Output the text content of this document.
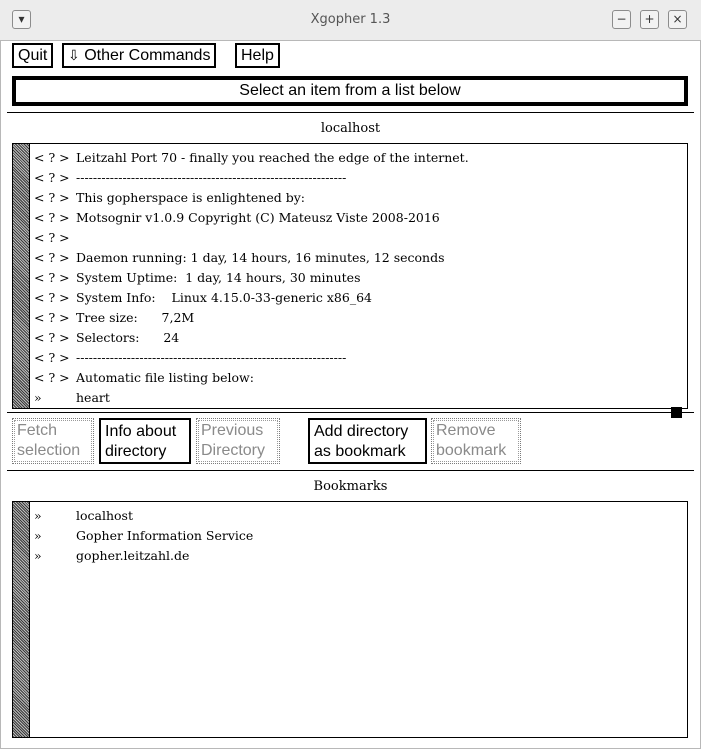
▾	Xgopher 1.3	−	+	×
Quit	⇩ Other Commands	Help
Select an item from a list below
localhost
< ? > Leitzahl Port 70 - finally you reached the edge of the internet.
< ? > ----------------------------------------------------------------
< ? > This gopherspace is enlightened by:
< ? > Motsognir v1.0.9 Copyright (C) Mateusz Viste 2008-2016
< ? >
< ? > Daemon running: 1 day, 14 hours, 16 minutes, 12 seconds
< ? > System Uptime:  1 day, 14 hours, 30 minutes
< ? > System Info:    Linux 4.15.0-33-generic x86_64
< ? > Tree size:      7,2M
< ? > Selectors:      24
< ? > ----------------------------------------------------------------
< ? > Automatic file listing below:
»	heart
Fetch
selection
Info about
directory
Previous
Directory
Add directory
as bookmark
Remove
bookmark
Bookmarks
»	localhost
»	Gopher Information Service
»	gopher.leitzahl.de
